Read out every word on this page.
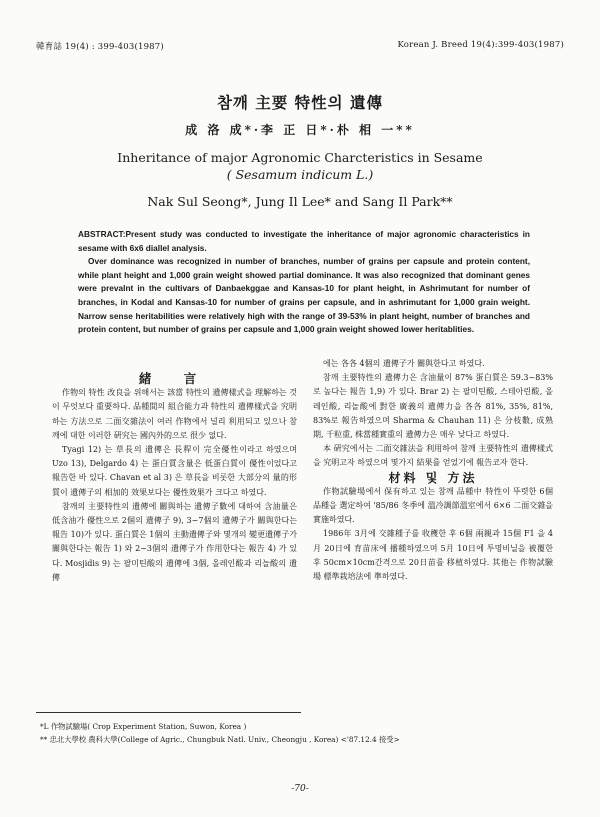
韓育誌 19(4) : 399-403(1987)	Korean J. Breed 19(4):399-403(1987)
참깨 主要 特性의 遺傳
成 洛 成*·李 正 日*·朴 相 一**
Inheritance of major Agronomic Charcteristics in Sesame
( Sesamum indicum L.)
Nak Sul Seong*, Jung Il Lee* and Sang Il Park**

ABSTRACT:Present study was conducted to investigate the inheritance of major agronomic characteristics in sesame with 6x6 diallel analysis.

Over dominance was recognized in number of branches, number of grains per capsule and protein content, while plant height and 1,000 grain weight showed partial dominance. It was also recognized that dominant genes were prevalnt in the cultivars of Danbaekggae and Kansas-10 for plant height, in Ashrimutant for number of branches, in Kodal and Kansas-10 for number of grains per capsule, and in ashrimutant for 1,000 grain weight. Narrow sense heritabilities were relatively high with the range of 39-53% in plant height, number of branches and protein content, but number of grains per capsule and 1,000 grain weight showed lower heritablities.

緒 言

作物의 特性 改良을 위해서는 該當 特性의 遺傳樣式을 理解하는 것이 무엇보다 重要하다. 品種間의 組合能力과 特性의 遺傳樣式을 究明하는 方法으로 二面交雜法이 여러 作物에서 널리 利用되고 있으나 참깨에 대한 이러한 硏究는 國內外的으로 很少 없다.

Tyagi 12) 는 草長의 遺傳은 長稈이 完全優性이라고 하였으며 Uzo 13), Delgardo 4) 는 蛋白質含量은 低蛋白質이 優性이었다고 報告한 바 있다. Chavan et al 3) 은 草長을 비롯한 大部分의 量的形質이 遺傳子의 相加的 效果보다는 優性效果가 크다고 하였다.

참깨의 主要特性의 遺傳에 關與하는 遺傳子數에 대하여 含油量은 低含油가 優性으로 2個의 遺傳子 9), 3~7個의 遺傳子가 關與한다는 報告 10)가 있다. 蛋白質은 1個의 主動遺傳子와 몇개의 變更遺傳子가 關與한다는 報告 1) 와 2~3個의 遺傳子가 作用한다는 報告 4) 가 있다. Mosjidis 9) 는 팔미틴酸의 遺傳에 3個, 올레인酸과 리놀酸의 遺傳

에는 各各 4個의 遺傳子가 關與한다고 하였다.

참깨 主要特性의 遺傳力은 含油量이 87% 蛋白質은 59.3~83% 로 높다는 報告 1,9) 가 있다. Brar 2) 는 팔미틴酸, 스테아린酸, 올레인酸, 리놀酸에 對한 廣義의 遺傳力을 各各 81%, 35%, 81%, 83%로 報告하였으며 Sharma & Chauhan 11) 은 分枝數, 成熟期, 千粒重, 株當種實重의 遺傳力은 매우 낮다고 하였다.

本 硏究에서는 二面交雜法을 利用하여 참깨 主要特性의 遺傳樣式을 究明고자 하였으며 몇가지 結果를 얻었기에 報告코자 한다.

材料 및 方法

作物試驗場에서 保有하고 있는 참깨 品種中 特性이 뚜렷한 6個 品種을 選定하여 '85/86 冬季에 溫冷調節溫室에서 6×6 二面交雜을 實施하였다.

1986年 3月에 交雜種子를 收穫한 후 6個 兩親과 15個 F1 을 4月 20日에 育苗床에 播種하였으며 5月 10日에 투명비닐을 被覆한 후 50cm×10cm간격으로 20日苗를 移植하였다. 其他는 作物試驗場 標準栽培法에 準하였다.

*L 作物試驗場( Crop Experiment Station, Suwon, Korea )
** 忠北大學校 農科大學(College of Agric., Chungbuk Natl. Univ., Cheongju , Korea) <'87.12.4 接受>
-70-
